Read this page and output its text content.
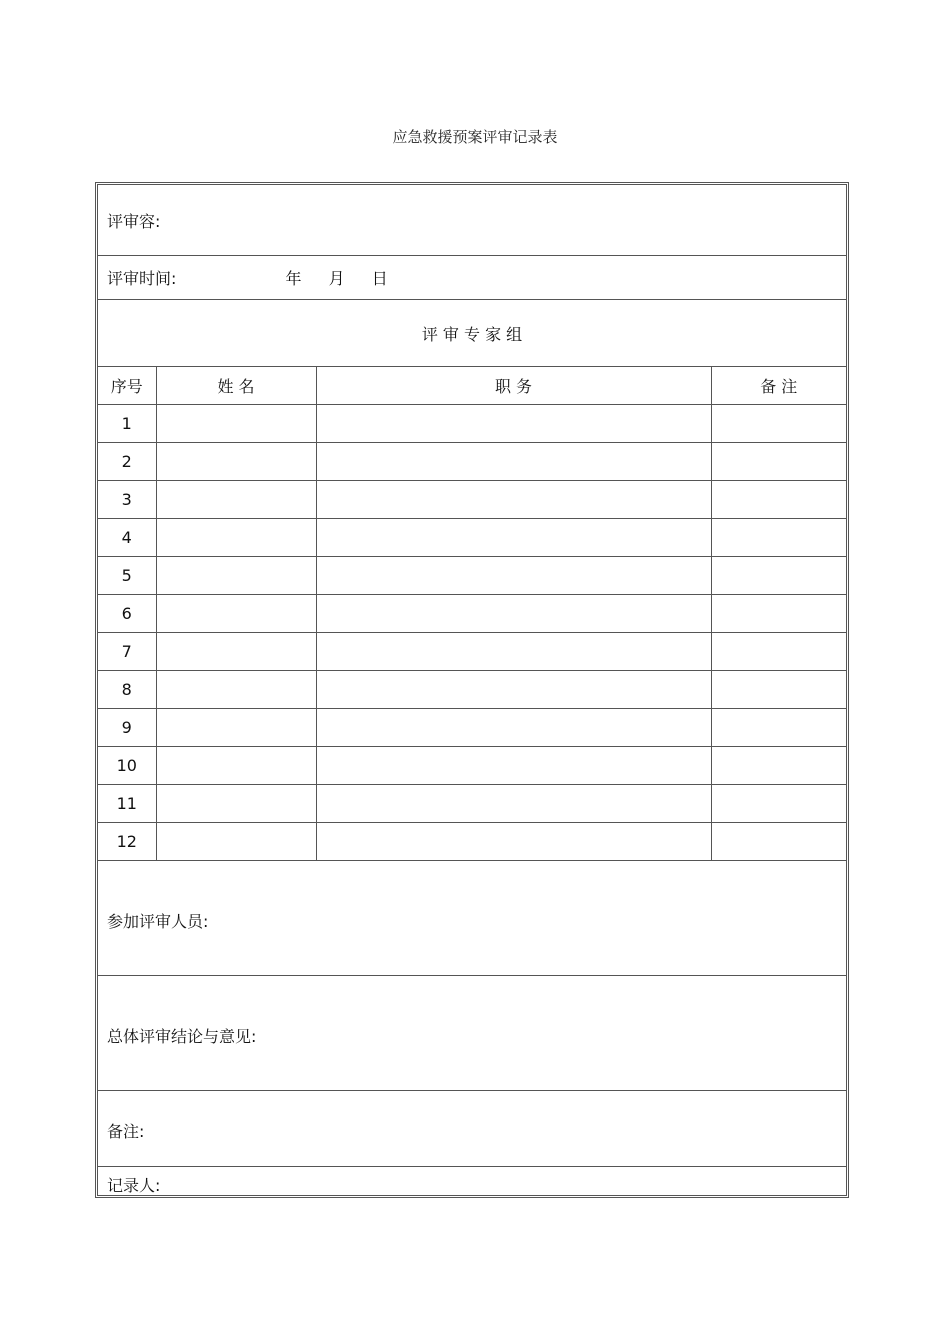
应急救援预案评审记录表
评审容:			
评审时间: 年 月 日			
评 审 专 家 组			
序号	姓 名	职 务	备 注
1			
2			
3			
4			
5			
6			
7			
8			
9			
10			
11			
12			

参加评审人员:			

总体评审结论与意见:			

备注:			

记录人:			
